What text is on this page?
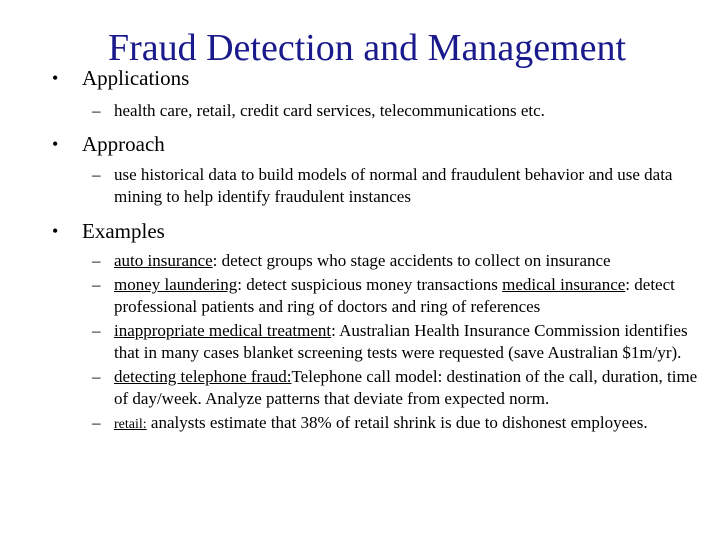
Fraud Detection and Management
•	Applications
– health care, retail, credit card services, telecommunications etc.
•	Approach
– use historical data to build models of normal and fraudulent behavior and use data mining to help identify fraudulent instances
•	Examples
– auto insurance: detect groups who stage accidents to collect on insurance
– money laundering: detect suspicious money transactions medical insurance: detect professional patients and ring of doctors and ring of references
– inappropriate medical treatment: Australian Health Insurance Commission identifies that in many cases blanket screening tests were requested (save Australian $1m/yr).
– detecting telephone fraud:Telephone call model: destination of the call, duration, time of day/week. Analyze patterns that deviate from expected norm.
– retail: analysts estimate that 38% of retail shrink is due to dishonest employees.
